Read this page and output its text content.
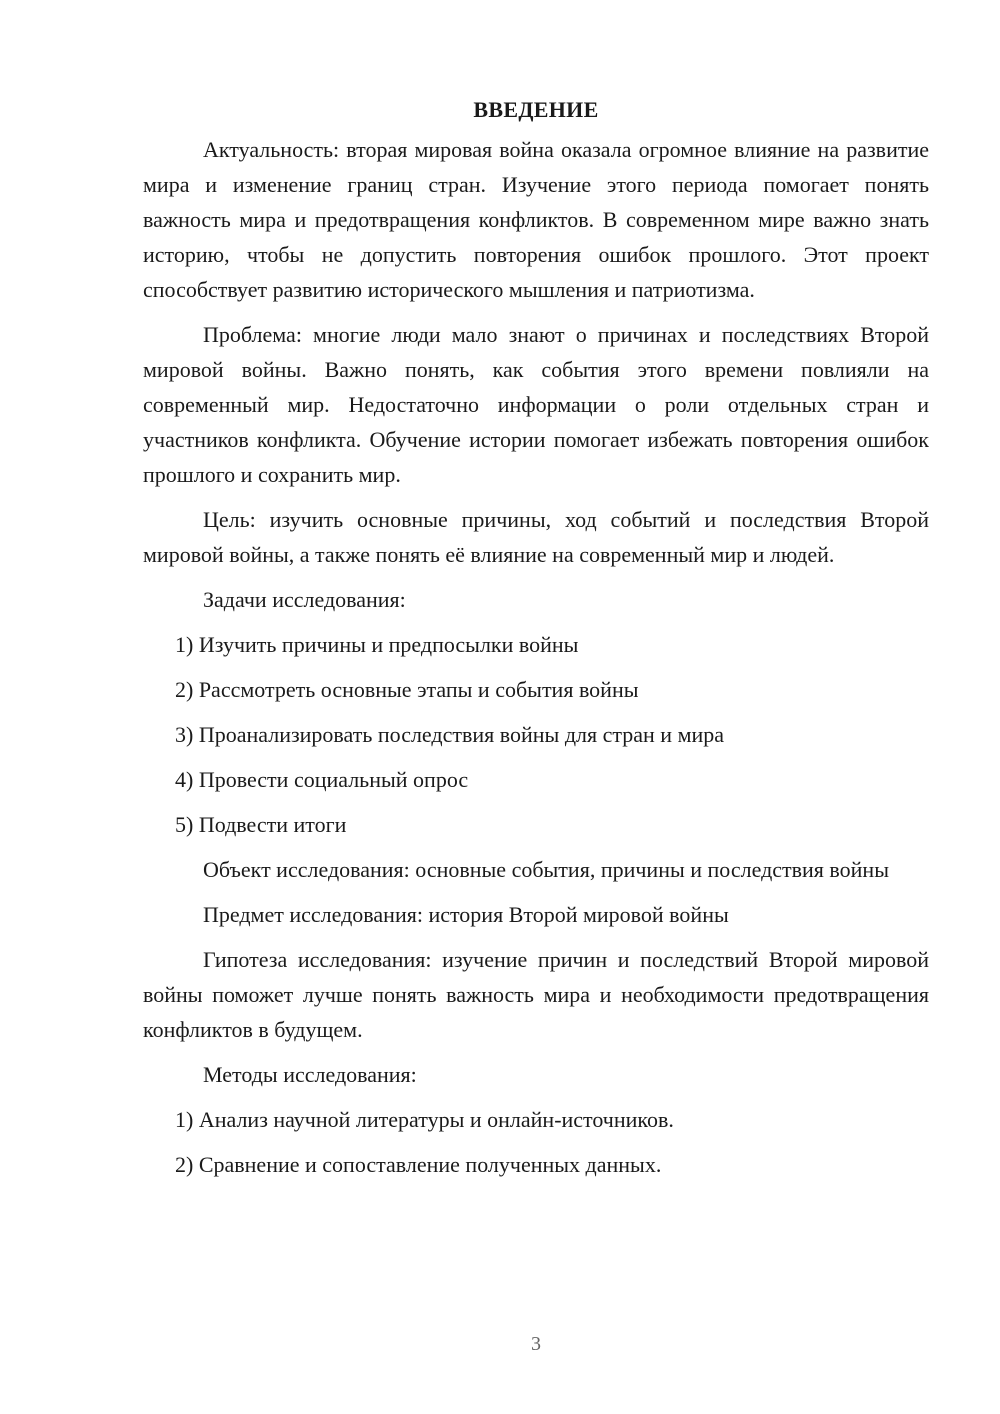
ВВЕДЕНИЕ

Актуальность: вторая мировая война оказала огромное влияние на развитие мира и изменение границ стран. Изучение этого периода помогает понять важность мира и предотвращения конфликтов. В современном мире важно знать историю, чтобы не допустить повторения ошибок прошлого. Этот проект способствует развитию исторического мышления и патриотизма.

Проблема: многие люди мало знают о причинах и последствиях Второй мировой войны. Важно понять, как события этого времени повлияли на современный мир. Недостаточно информации о роли отдельных стран и участников конфликта. Обучение истории помогает избежать повторения ошибок прошлого и сохранить мир.

Цель: изучить основные причины, ход событий и последствия Второй мировой войны, а также понять её влияние на современный мир и людей.

Задачи исследования:

1) Изучить причины и предпосылки войны
2) Рассмотреть основные этапы и события войны
3) Проанализировать последствия войны для стран и мира
4) Провести социальный опрос
5) Подвести итоги

Объект исследования: основные события, причины и последствия войны

Предмет исследования: история Второй мировой войны

Гипотеза исследования: изучение причин и последствий Второй мировой войны поможет лучше понять важность мира и необходимости предотвращения конфликтов в будущем.

Методы исследования:

1) Анализ научной литературы и онлайн-источников.
2) Сравнение и сопоставление полученных данных.
3
